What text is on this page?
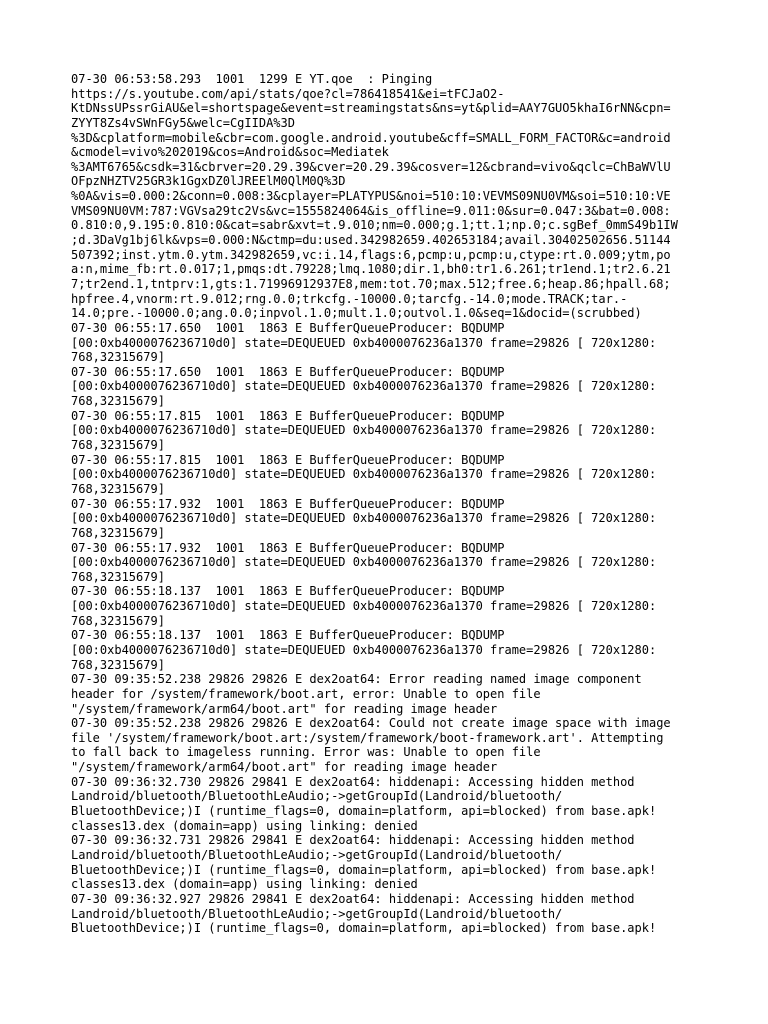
07-30 06:53:58.293  1001  1299 E YT.qoe  : Pinging
https://s.youtube.com/api/stats/qoe?cl=786418541&ei=tFCJaO2-
KtDNssUPssrGiAU&el=shortspage&event=streamingstats&ns=yt&plid=AAY7GUO5khaI6rNN&cpn=
ZYYT8Zs4vSWnFGy5&welc=CgIIDA%3D
%3D&cplatform=mobile&cbr=com.google.android.youtube&cff=SMALL_FORM_FACTOR&c=android
&cmodel=vivo%202019&cos=Android&soc=Mediatek
%3AMT6765&csdk=31&cbrver=20.29.39&cver=20.29.39&cosver=12&cbrand=vivo&qclc=ChBaWVlU
OFpzNHZTV25GR3k1GgxDZ0lJREElM0QlM0Q%3D
%0A&vis=0.000:2&conn=0.008:3&cplayer=PLATYPUS&noi=510:10:VEVMS09NU0VM&soi=510:10:VE
VMS09NU0VM:787:VGVsa29tc2Vs&vc=1555824064&is_offline=9.011:0&sur=0.047:3&bat=0.008:
0.810:0,9.195:0.810:0&cat=sabr&xvt=t.9.010;nm=0.000;g.1;tt.1;np.0;c.sgBef_0mmS49b1IW
;d.3DaVg1bj6lk&vps=0.000:N&ctmp=du:used.342982659.402653184;avail.30402502656.51144
507392;inst.ytm.0.ytm.342982659,vc:i.14,flags:6,pcmp:u,pcmp:u,ctype:rt.0.009;ytm,po
a:n,mime_fb:rt.0.017;1,pmqs:dt.79228;lmq.1080;dir.1,bh0:tr1.6.261;tr1end.1;tr2.6.21
7;tr2end.1,tntprv:1,gts:1.71996912937E8,mem:tot.70;max.512;free.6;heap.86;hpall.68;
hpfree.4,vnorm:rt.9.012;rng.0.0;trkcfg.-10000.0;tarcfg.-14.0;mode.TRACK;tar.-
14.0;pre.-10000.0;ang.0.0;inpvol.1.0;mult.1.0;outvol.1.0&seq=1&docid=(scrubbed)
07-30 06:55:17.650  1001  1863 E BufferQueueProducer: BQDUMP
[00:0xb4000076236710d0] state=DEQUEUED 0xb4000076236a1370 frame=29826 [ 720x1280:
768,32315679]
07-30 06:55:17.650  1001  1863 E BufferQueueProducer: BQDUMP
[00:0xb4000076236710d0] state=DEQUEUED 0xb4000076236a1370 frame=29826 [ 720x1280:
768,32315679]
07-30 06:55:17.815  1001  1863 E BufferQueueProducer: BQDUMP
[00:0xb4000076236710d0] state=DEQUEUED 0xb4000076236a1370 frame=29826 [ 720x1280:
768,32315679]
07-30 06:55:17.815  1001  1863 E BufferQueueProducer: BQDUMP
[00:0xb4000076236710d0] state=DEQUEUED 0xb4000076236a1370 frame=29826 [ 720x1280:
768,32315679]
07-30 06:55:17.932  1001  1863 E BufferQueueProducer: BQDUMP
[00:0xb4000076236710d0] state=DEQUEUED 0xb4000076236a1370 frame=29826 [ 720x1280:
768,32315679]
07-30 06:55:17.932  1001  1863 E BufferQueueProducer: BQDUMP
[00:0xb4000076236710d0] state=DEQUEUED 0xb4000076236a1370 frame=29826 [ 720x1280:
768,32315679]
07-30 06:55:18.137  1001  1863 E BufferQueueProducer: BQDUMP
[00:0xb4000076236710d0] state=DEQUEUED 0xb4000076236a1370 frame=29826 [ 720x1280:
768,32315679]
07-30 06:55:18.137  1001  1863 E BufferQueueProducer: BQDUMP
[00:0xb4000076236710d0] state=DEQUEUED 0xb4000076236a1370 frame=29826 [ 720x1280:
768,32315679]
07-30 09:35:52.238 29826 29826 E dex2oat64: Error reading named image component
header for /system/framework/boot.art, error: Unable to open file
"/system/framework/arm64/boot.art" for reading image header
07-30 09:35:52.238 29826 29826 E dex2oat64: Could not create image space with image
file '/system/framework/boot.art:/system/framework/boot-framework.art'. Attempting
to fall back to imageless running. Error was: Unable to open file
"/system/framework/arm64/boot.art" for reading image header
07-30 09:36:32.730 29826 29841 E dex2oat64: hiddenapi: Accessing hidden method
Landroid/bluetooth/BluetoothLeAudio;->getGroupId(Landroid/bluetooth/
BluetoothDevice;)I (runtime_flags=0, domain=platform, api=blocked) from base.apk!
classes13.dex (domain=app) using linking: denied
07-30 09:36:32.731 29826 29841 E dex2oat64: hiddenapi: Accessing hidden method
Landroid/bluetooth/BluetoothLeAudio;->getGroupId(Landroid/bluetooth/
BluetoothDevice;)I (runtime_flags=0, domain=platform, api=blocked) from base.apk!
classes13.dex (domain=app) using linking: denied
07-30 09:36:32.927 29826 29841 E dex2oat64: hiddenapi: Accessing hidden method
Landroid/bluetooth/BluetoothLeAudio;->getGroupId(Landroid/bluetooth/
BluetoothDevice;)I (runtime_flags=0, domain=platform, api=blocked) from base.apk!
